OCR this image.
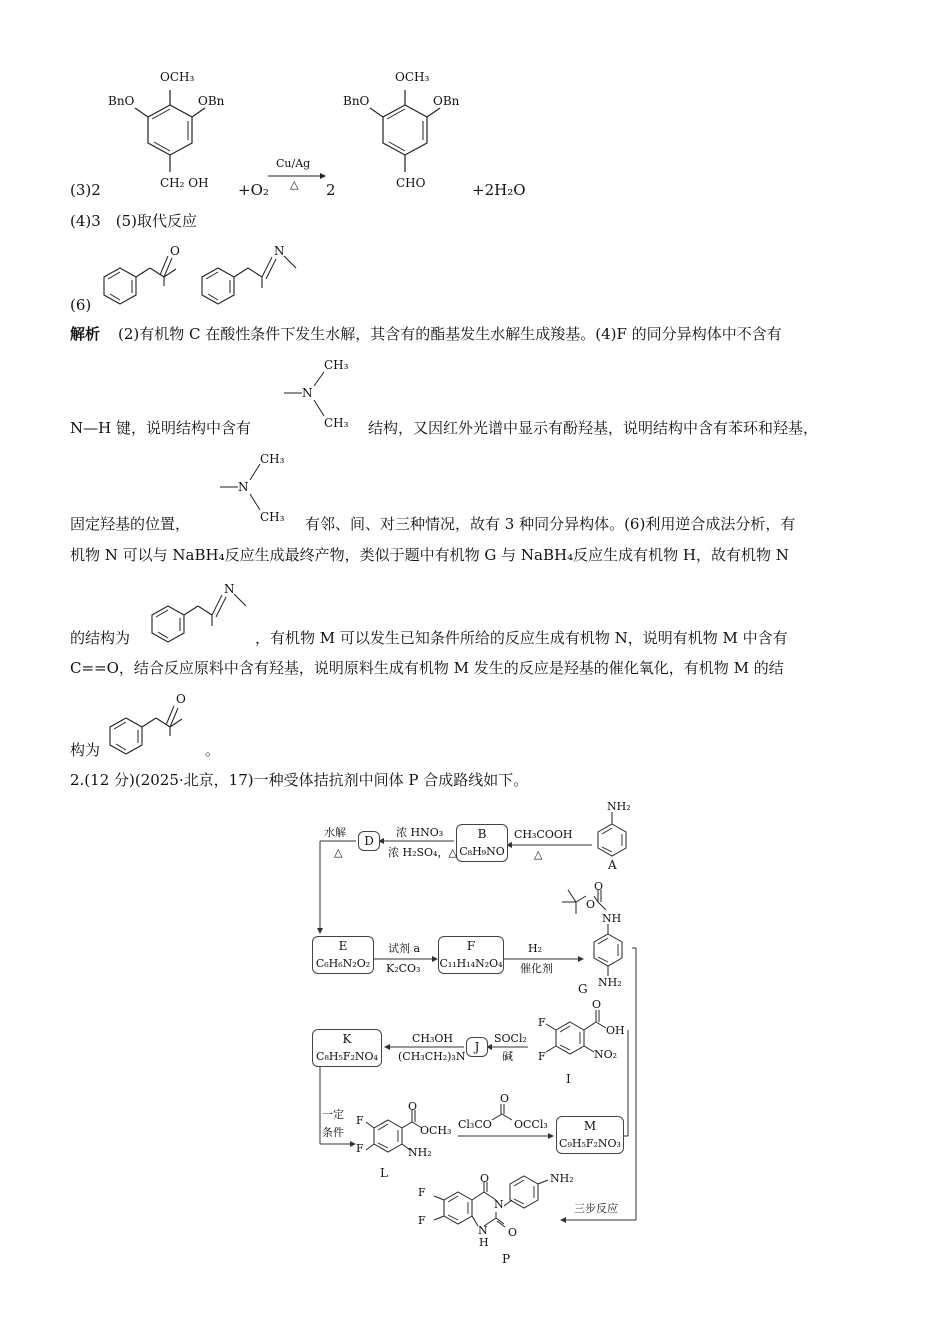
OCH₃
BnO	OBn
CH₂ OH
(3)2	+O₂
Cu/Ag
△ 2
OCH₃
BnO	OBn
CHO	+2H₂O
(4)3　(5)取代反应
(6)
O	N
解析 (2)有机物 C 在酸性条件下发生水解，其含有的酯基发生水解生成羧基。(4)F 的同分异构体中不含有
CH₃
N
CH₃
N—H 键，说明结构中含有	结构，又因红外光谱中显示有酚羟基，说明结构中含有苯环和羟基，
CH₃
N
CH₃
固定羟基的位置，	有邻、间、对三种情况，故有 3 种同分异构体。(6)利用逆合成法分析，有
机物 N 可以与 NaBH₄反应生成最终产物，类似于题中有机物 G 与 NaBH₄反应生成有机物 H，故有机物 N
N
的结构为	，有机物 M 可以发生已知条件所给的反应生成有机物 N，说明有机物 M 中含有
C==O，结合反应原料中含有羟基，说明原料生成有机物 M 发生的反应是羟基的催化氧化，有机物 M 的结
O
构为	。
2.(12 分)(2025·北京，17)一种受体拮抗剂中间体 P 合成路线如下。
NH₂
A
CH₃COOH
△
B
C₈H₉NO
浓 HNO₃
浓 H₂SO₄，△
D
水解
△
E
C₆H₆N₂O₂
试剂 a
K₂CO₃
F
C₁₁H₁₄N₂O₄
H₂
催化剂
O
O
NH
NH₂
G
F
F
O
OH
NO₂
I
SOCl₂
碱
J
CH₃OH
(CH₃CH₂)₃N
K
C₈H₅F₂NO₄
一定
条件
F
F
O
OCH₃
NH₂
L
Cl₃CO
O
OCCl₃	M
C₉H₅F₂NO₃
三步反应
F
F
O
N
O
N
H
NH₂
P
